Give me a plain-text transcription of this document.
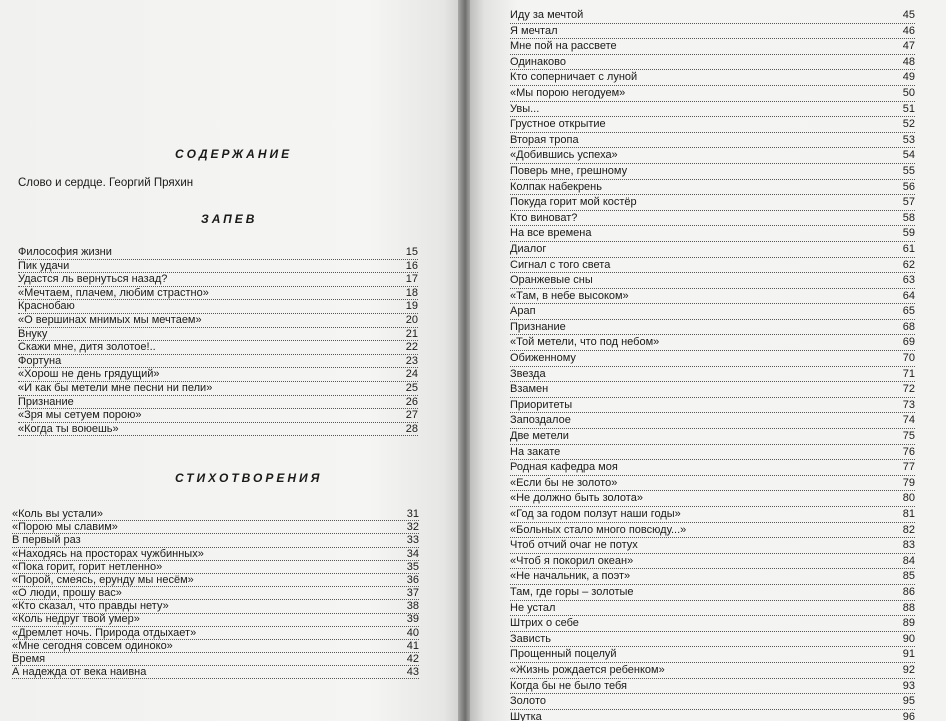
СОДЕРЖАНИЕ
Слово и сердце. Георгий Пряхин
ЗАПЕВ
Философия жизни	15
Пик удачи	16
Удастся ль вернуться назад?	17
«Мечтаем, плачем, любим страстно»	18
Краснобаю	19
«О вершинах мнимых мы мечтаем»	20
Внуку	21
Скажи мне, дитя золотое!..	22
Фортуна	23
«Хорош не день грядущий»	24
«И как бы метели мне песни ни пели»	25
Признание	26
«Зря мы сетуем порою»	27
«Когда ты воюешь»	28
СТИХОТВОРЕНИЯ
«Коль вы устали»	31
«Порою мы славим»	32
В первый раз	33
«Находясь на просторах чужбинных»	34
«Пока горит, горит нетленно»	35
«Порой, смеясь, ерунду мы несём»	36
«О люди, прошу вас»	37
«Кто сказал, что правды нету»	38
«Коль недруг твой умер»	39
«Дремлет ночь. Природа отдыхает»	40
«Мне сегодня совсем одиноко»	41
Время	42
А надежда от века наивна	43
Иду за мечтой	45
Я мечтал	46
Мне пой на рассвете	47
Одинаково	48
Кто соперничает с луной	49
«Мы порою негодуем»	50
Увы...	51
Грустное открытие	52
Вторая тропа	53
«Добившись успеха»	54
Поверь мне, грешному	55
Колпак набекрень	56
Покуда горит мой костёр	57
Кто виноват?	58
На все времена	59
Диалог	61
Сигнал с того света	62
Оранжевые сны	63
«Там, в небе высоком»	64
Арап	65
Признание	68
«Той метели, что под небом»	69
Обиженному	70
Звезда	71
Взамен	72
Приоритеты	73
Запоздалое	74
Две метели	75
На закате	76
Родная кафедра моя	77
«Если бы не золото»	79
«Не должно быть золота»	80
«Год за годом ползут наши годы»	81
«Больных стало много повсюду...»	82
Чтоб отчий очаг не потух	83
«Чтоб я покорил океан»	84
«Не начальник, а поэт»	85
Там, где горы – золотые	86
Не устал	88
Штрих о себе	89
Зависть	90
Прощенный поцелуй	91
«Жизнь рождается ребенком»	92
Когда бы не было тебя	93
Золото	95
Шутка	96
